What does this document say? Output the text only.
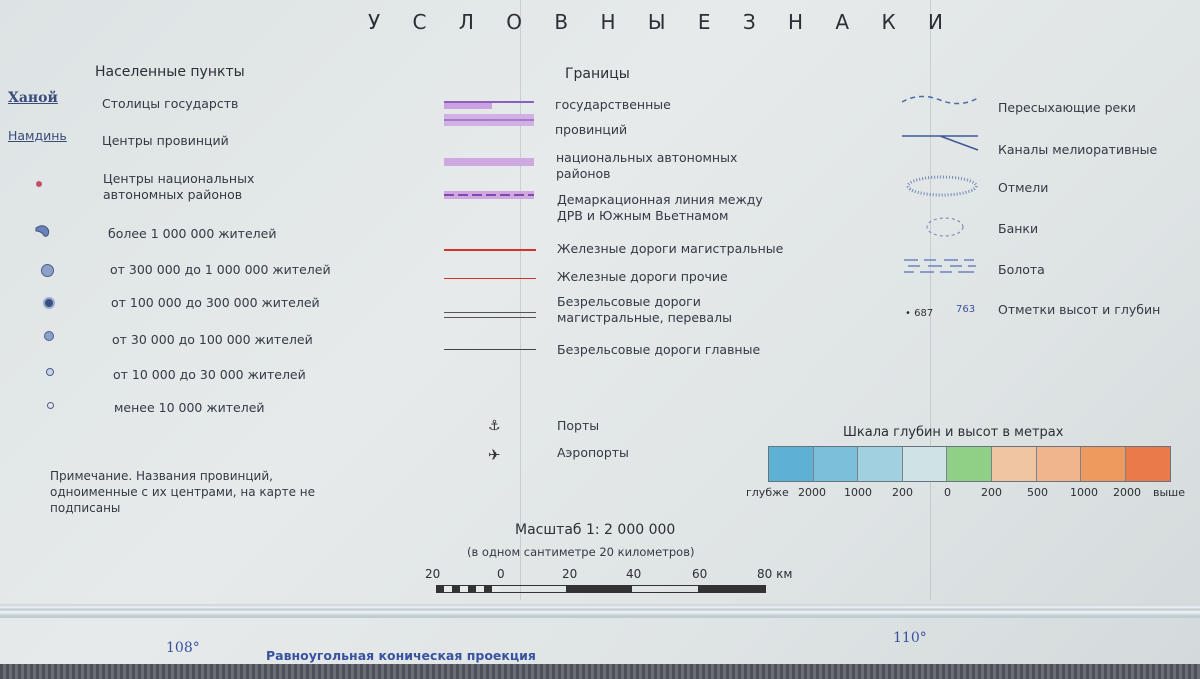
У С Л О В Н Ы Е З Н А К И
Населенные пункты
Ханой	Столицы государств
Намдинь	Центры провинций
Центры национальных автономных районов
более 1 000 000 жителей
от 300 000 до 1 000 000 жителей
от 100 000 до 300 000 жителей
от 30 000 до 100 000 жителей
от 10 000 до 30 000 жителей
менее 10 000 жителей
Примечание. Названия провинций, одноименные с их центрами, на карте не подписаны
Границы
государственные
провинций
национальных автономных районов
Демаркационная линия между ДРВ и Южным Вьетнамом
Железные дороги магистральные
Железные дороги прочие
Безрельсовые дороги магистральные, перевалы
Безрельсовые дороги главные
⚓	Порты
✈	Аэропорты
Пересыхающие реки
Каналы мелиоративные
Отмели
Банки
Болота
• 687 763 Отметки высот и глубин
Шкала глубин и высот в метрах
глубже 2000 1000 200	0	200 500 1000 2000 выше
Масштаб 1: 2 000 000
(в одном сантиметре 20 километров)
20	0	20	40	60	80 км
108°
110°
Равноугольная коническая проекция
